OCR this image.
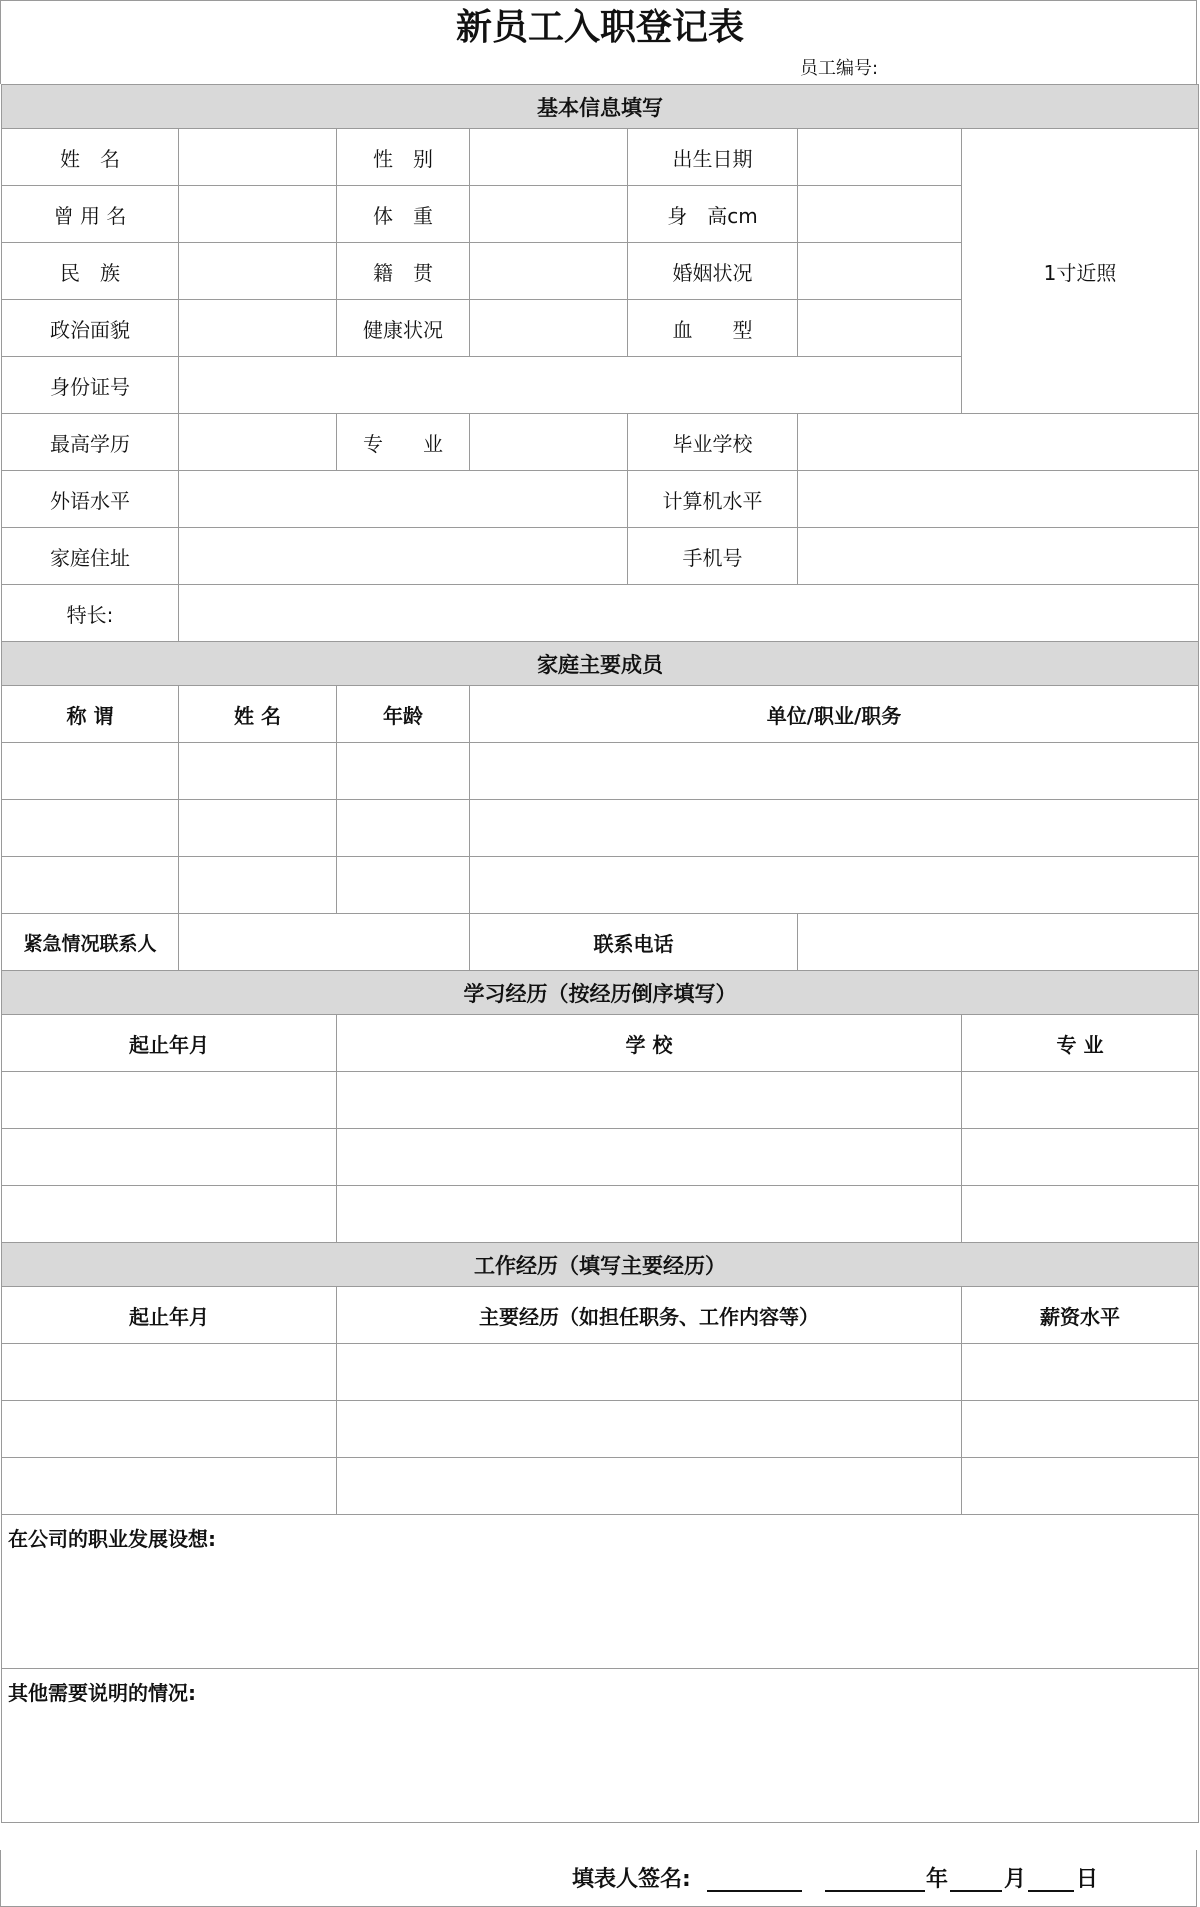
新员工入职登记表
员工编号:
基本信息填写						
姓　名		性　别		出生日期		1寸近照
曾 用 名		体　重		身　高cm		
民　族		籍　贯		婚姻状况		
政治面貌		健康状况		血　　型		
身份证号						
最高学历		专　　业		毕业学校		
外语水平				计算机水平		
家庭住址				手机号		
特长:						
家庭主要成员						
称 谓	姓 名	年龄	单位/职业/职务			

紧急情况联系人			联系电话			
学习经历（按经历倒序填写）						
起止年月		学 校				专 业

工作经历（填写主要经历）						
起止年月		主要经历（如担任职务、工作内容等）				薪资水平

在公司的职业发展设想:						
其他需要说明的情况:						
填表人签名:	年	月 日
